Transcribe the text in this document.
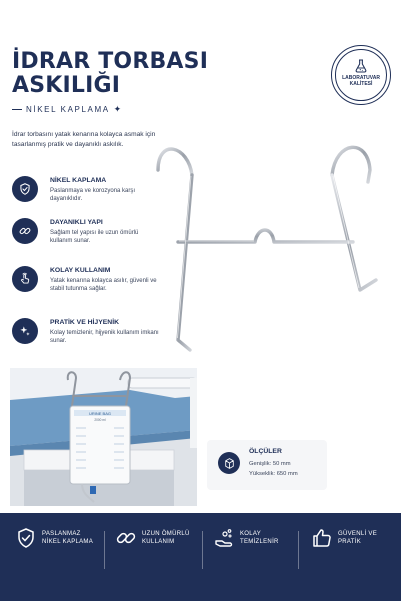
İDRAR TORBASI
ASKILIĞI
NİKEL KAPLAMA ✦
İdrar torbasını yatak kenarına kolayca asmak için tasarlanmış pratik ve dayanıklı askılık.
LABORATUVAR
KALİTESİ
NİKEL KAPLAMA
Paslanmaya ve korozyona karşı dayanıklıdır.
DAYANIKLI YAPI
Sağlam tel yapısı ile uzun ömürlü kullanım sunar.
KOLAY KULLANIM
Yatak kenarına kolayca asılır, güvenli ve stabil tutunma sağlar.
PRATİK VE HİJYENİK
Kolay temizlenir, hijyenik kullanım imkanı sunar.
URINE BAG
2000 ml
ÖLÇÜLER
Genişlik: 50 mm
Yükseklik: 650 mm
PASLANMAZ NİKEL KAPLAMA
UZUN ÖMÜRLÜ KULLANIM
KOLAY TEMİZLENİR
GÜVENLİ VE PRATİK
